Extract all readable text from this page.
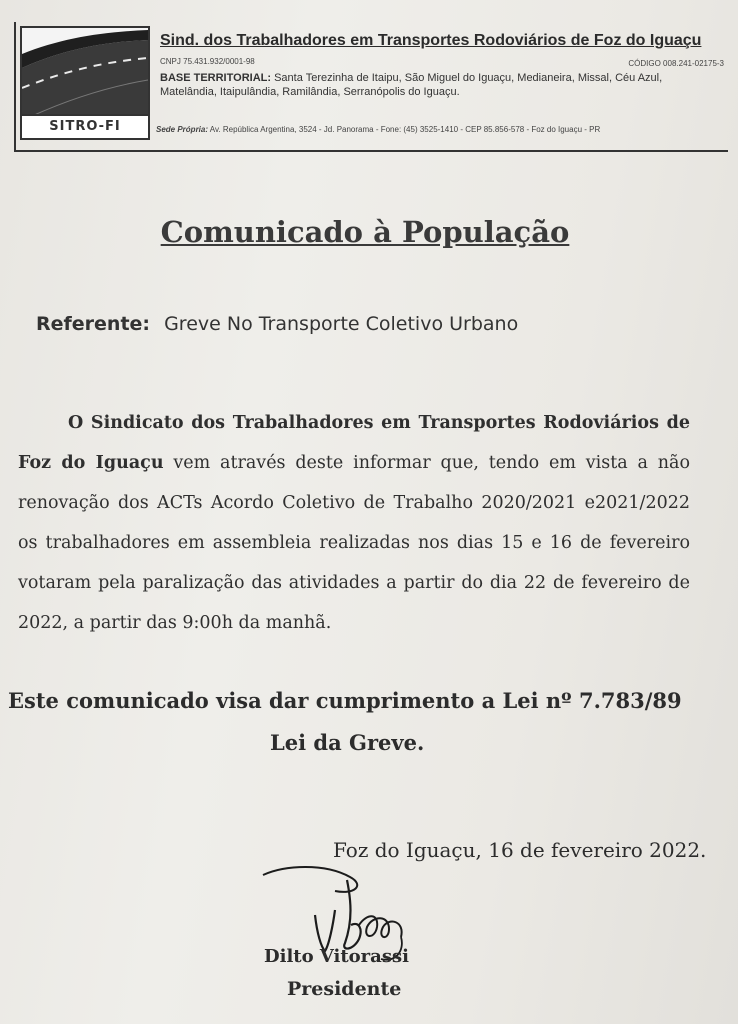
SITRO-FI
Sind. dos Trabalhadores em Transportes Rodoviários de Foz do Iguaçu
CNPJ 75.431.932/0001-98	CÓDIGO 008.241-02175-3
BASE TERRITORIAL: Santa Terezinha de Itaipu, São Miguel do Iguaçu, Medianeira, Missal, Céu Azul, Matelândia, Itaipulândia, Ramilândia, Serranópolis do Iguaçu.
Sede Própria: Av. República Argentina, 3524 - Jd. Panorama - Fone: (45) 3525-1410 - CEP 85.856-578 - Foz do Iguaçu - PR
Comunicado à População
Referente: Greve No Transporte Coletivo Urbano
O Sindicato dos Trabalhadores em Transportes Rodoviários de Foz do Iguaçu vem através deste informar que, tendo em vista a não renovação dos ACTs Acordo Coletivo de Trabalho 2020/2021 e2021/2022 os trabalhadores em assembleia realizadas nos dias 15 e 16 de fevereiro votaram pela paralização das atividades a partir do dia 22 de fevereiro de 2022, a partir das 9:00h da manhã.
Este comunicado visa dar cumprimento a Lei nº 7.783/89
Lei da Greve.
Foz do Iguaçu, 16 de fevereiro 2022.
Dilto Vitorassi
Presidente
